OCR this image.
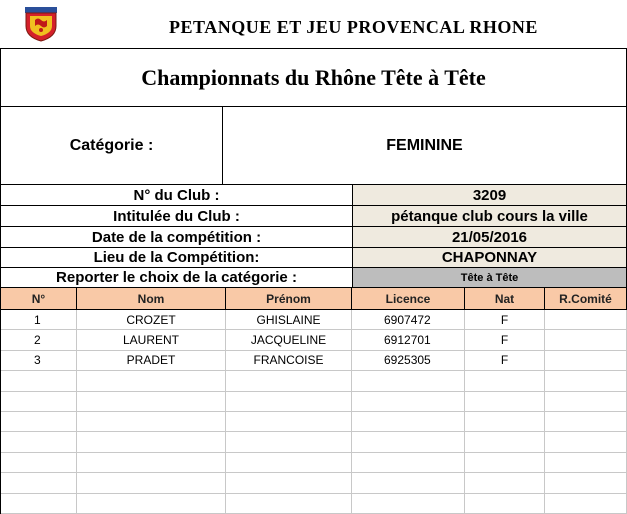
PETANQUE ET JEU PROVENCAL RHONE
Championnats du Rhône Tête à Tête
Catégorie :	FEMININE
N° du Club :	3209
Intitulée du Club :	pétanque club cours la ville
Date de la compétition :	21/05/2016
Lieu de la Compétition:	CHAPONNAY
Reporter le choix de la catégorie :	Tête à Tête
N°	Nom	Prénom	Licence	Nat	R.Comité
1	CROZET	GHISLAINE	6907472	F
2	LAURENT	JACQUELINE	6912701	F
3	PRADET	FRANCOISE	6925305	F
